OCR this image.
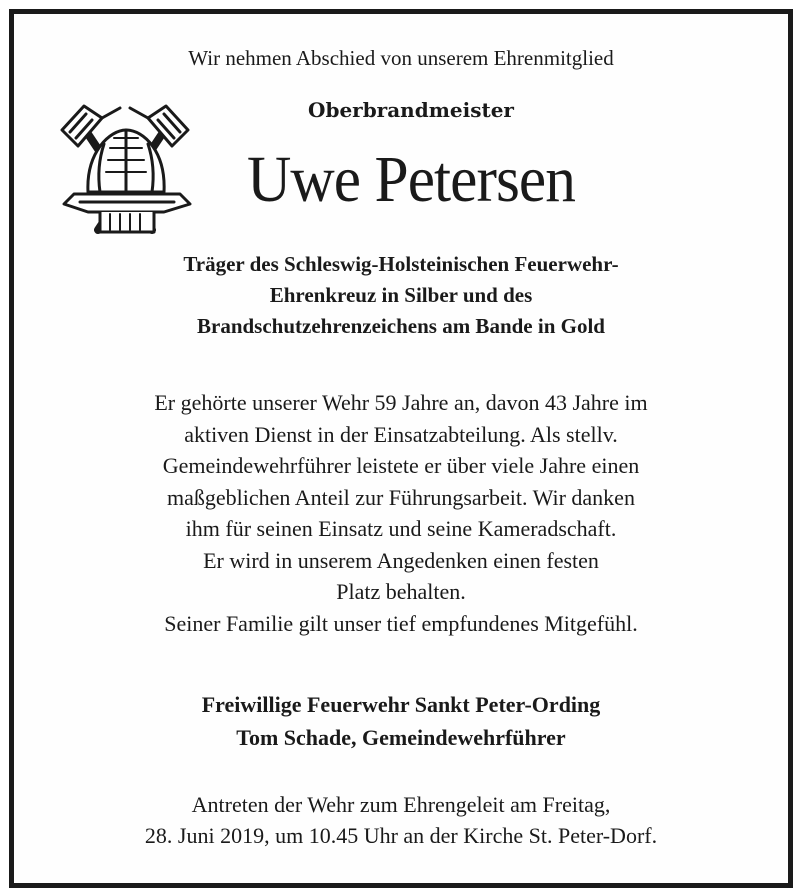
Wir nehmen Abschied von unserem Ehrenmitglied
Oberbrandmeister
Uwe Petersen
Träger des Schleswig-Holsteinischen Feuerwehr-
Ehrenkreuz in Silber und des
Brandschutzehrenzeichens am Bande in Gold
Er gehörte unserer Wehr 59 Jahre an, davon 43 Jahre im
aktiven Dienst in der Einsatzabteilung. Als stellv.
Gemeindewehrführer leistete er über viele Jahre einen
maßgeblichen Anteil zur Führungsarbeit. Wir danken
ihm für seinen Einsatz und seine Kameradschaft.
Er wird in unserem Angedenken einen festen
Platz behalten.
Seiner Familie gilt unser tief empfundenes Mitgefühl.
Freiwillige Feuerwehr Sankt Peter-Ording
Tom Schade, Gemeindewehrführer
Antreten der Wehr zum Ehrengeleit am Freitag,
28. Juni 2019, um 10.45 Uhr an der Kirche St. Peter-Dorf.
